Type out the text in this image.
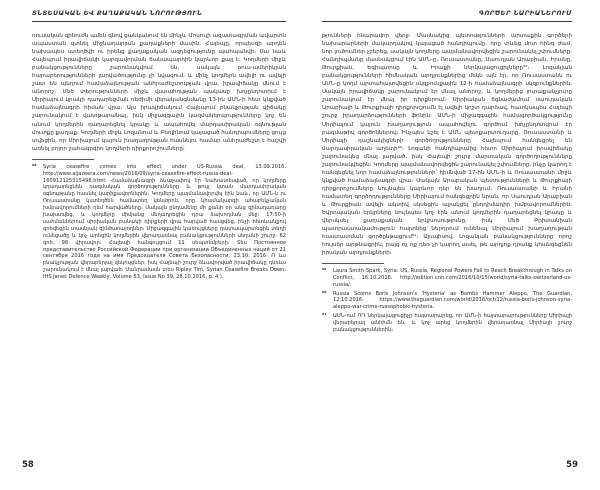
ՏՆՏԵՍԱԿԱՆ ԵՎ ՔԱՂԱՔԱԿԱՆ ՆՈՐՈՒԹՅՈՒՆ

ռուսական զինուժն ամեն գնով ցանկանում են մինչև Մոսուլի ազատագրման ավարտն ապաստան գտնել միջնադարյան քաղաքների մասին. Հալեպը, որպեսզի արդեն նախապես ստեղծվի ու իրենց քաղաքական ազդեցությունը պահպանվի։ Սա նաև Հալեպում իրավիճակի կարգավորման ճանապարհին կարևոր քայլ է։ Կողմերի միջև բանակցությունները շարունակվում են, սակայն ռուս-ամերիկյան հարաբերությունների լարվածությունը չի նվազում, և մինչ կողմերն ավելի ու ավելի շատ են պնդում համաձայնության անհրաժեշտության վրա, իրավիճակը մնում է անորոշ։ Մեծ տերությունների միջև վստահության պակասը խոչընդոտում է Սիրիայում կրակի դադարեցման ռեժիմի վերականգնմանը 13-ին ԱՄՆ-ի հետ կնքված համաձայնագրի հիման վրա։ Այս իրավիճակում Հալեպում բնակչության վիճակը շարունակում է վատթարանալ, իսկ միջազգային կազմակերպությունները կոչ են անում կողմերին դադարեցնել կրակը և ապահովել մարդասիրական օգնության մուտքը քաղաք։ Կողմերի միջև Լոզանում և Բեռլինում կայացած հանդիպումները ցույց տվեցին, որ Սիրիայում կայուն խաղաղության հասնելու համար անհրաժեշտ է հաշվի առնել բոլոր շահագրգիռ կողմերի դիրքորոշումները։

⁵⁸	Syria ceasefire comes into effect under US-Russia deal, 13.09.2016. http://www.aljazeera.com/news/2016/09/syria-ceasefire-effect-russia-deal-160912125315496.html: Համաձայնագրի ձևաչափով էր նախատեսված, որ կողմերը կդադարեցնեն ռազմական գործողությունները և թույլ կտան մարդասիրական օգնությանը հասնել կարիքավորներին։ Կողմերը պայմանավորվել էին նաև, որ ԱՄՆ-ն ու Ռուսաստանը կստեղծեն համատեղ կենտրոն, որը կհամակարգի ահաբեկչական խմբավորումների դեմ հարվածները։ Սակայն ընդամենը մի քանի օր անց զինադադարը խախտվեց, և կողմերը միմյանց մեղադրեցին դրա ձախողման մեջ։ 17:50-ի սահմաններում սիրիական բանակի դիրքերի վրա հարված հասցվեց, ինչի հետևանքով զոհվեցին տասնյակ զինծառայողներ։ Միջազգային կառույցները դատապարտեցին տեղի ունեցածը և կոչ արեցին կողմերին վերադառնալ բանակցությունների սեղանի շուրջ։ 62 զոհ, 98 վիրավոր։ Հալեպի հանգույցում 11 սեպտեմբերի։ Տես Постоянное представительство Российской Федерации при организации Объединенных наций от 21 сентября 2016 года на имя Председателя Совета Безопасности, 23.10. 2016։ Ռ ևս բնակչության վերաբերյալ զեկույցներ, իսկ Հալեպի շուրջ ձևավորված իրավիճակը դեռևս շարունակում է մնալ լարված։ Մանրամասն տես Ripley Tim, Syrian Ceasefire Breaks Down, IHS Janes Defence Weekly, Volume 53, Issue No 39, 28.10.2016, p. 4.).
58
ԳՈՐԾԵՐ ՆԱՐԻԱՆԵՐՈՒՄ

թյունների հնարավոր վերջ։ Մասնակից պետությունների արտաքին գործերի նախարարների մակարդակով կայացած հանդիպումը, որը տևեց մոտ հինգ ժամ, նոր լուծումներ չբերեց, սակայն կողմերը պայմանավորվեցին շարունակել շփումները։ Հանդիպմանը մասնակցում էին ԱՄՆ-ը, Ռուսաստանը, Սաուդյան Արաբիան, Իրանը, Թուրքիան, Եգիպտոսը և Իրաքի ներկայացուցիչները⁵⁹։ Լոզանյան բանակցությունների հիմնական արդյունքներից մեկն այն էր, որ Ռուսաստանն ու ԱՄՆ-ը կողմ արտահայտվեցին սկզբունքային 12-ի համաձայնագրի սկզբունքներին։ Սակայն իրավիճակը շարունակում էր մնալ անորոշ, և կողմերից յուրաքանչյուրը շարունակում էր մնալ իր դիրքերում։ Սիրիական ճգնաժամում սաուդական Արաբիայի և Թուրքիայի դիրքորոշումն էլ ավելի կոշտ դարձավ, հատկապես Հալեպի շուրջ իրադարձությունների ֆոնին։ ԱՄՆ-ի միջազգային համագործակցությունը Սիրիայում կայուն խաղաղություն ապահովելու գործում խոչընդոտվում էր բազմաթիվ գործոններով։ Ինչպես նշել է ԱՄՆ պետքարտուղարը, Ռուսաստանի և Սիրիայի դաշնակիցների գործողությունները Հալեպում հանգեցրել են մարդասիրական աղետի⁶⁰։ Լոզանի հանդիպումից հետո Սիրիայում իրավիճակը շարունակեց մնալ լարված, իսկ Հալեպի շուրջ մարտական գործողությունները շարունակվեցին։ Կողմերը պայմանավորվեցին շարունակել շփումները, ինչը կարող է հանգեցնել նոր համաձայնությունների՝ հիմնված 17-ին ԱՄՆ-ի և Ռուսաստանի միջև կնքված համաձայնագրի վրա։ Սակայն Արաբական պետությունների և Թուրքիայի դիրքորոշումները նույնպես կարևոր դեր են խաղում։ Ռուսաստանի և Իրանի համատեղ գործողությունները Սիրիայում հանգեցրին նրան, որ Սաուդյան Արաբիան և Թուրքիան ավելի ակտիվ սկսեցին աջակցել ընդդիմադիր խմբավորումներին։ Եվրոպական երկրները նույնպես կոչ էին անում կողմերին դադարեցնել կրակը և վերսկսել քաղաքական երկխոսությունը, իսկ Մեծ Բրիտանիան պատրաստակամություն հայտնեց ներդրում ունենալ Սիրիայում խաղաղության հաստատման գործընթացում⁶¹։ Այսպիսով, Լոզանյան բանակցությունները որոշ հույսեր արթնացրին, բայց ոչ ոք դեռ չի կարող ասել, թե արդյոք դրանք կհանգեցնեն իրական արդյունքների։

⁵⁹	Laura Smith-Spark, Syria: US, Russia, Regional Powers Fail to Reach Breakthrough in Talks on Conflict, 16.10.2016. http://edition.cnn.com/2016/10/15/world/syria-talks-switzerland-us-russia/.
⁶⁰	Russia Scorns Boris Johnson's 'Hysteria' as Bombs Hammer Aleppo, The Guardian, 12.10.2016. https://www.theguardian.com/world/2016/oct/12/russia-boris-johnson-syria-aleppo-war-crime-russophobic-hysteria.
⁶¹	ԱՄՆ-ում ՌԴ ներկայացուցիչը հայտարարեց, որ ԱՄՆ-ի հայտարարությունները Սիրիայի վերաբերյալ անհիմն են, և կոչ արեց կողմերին վերադառնալ Սիրիայի շուրջ բանակցություններին։
59
